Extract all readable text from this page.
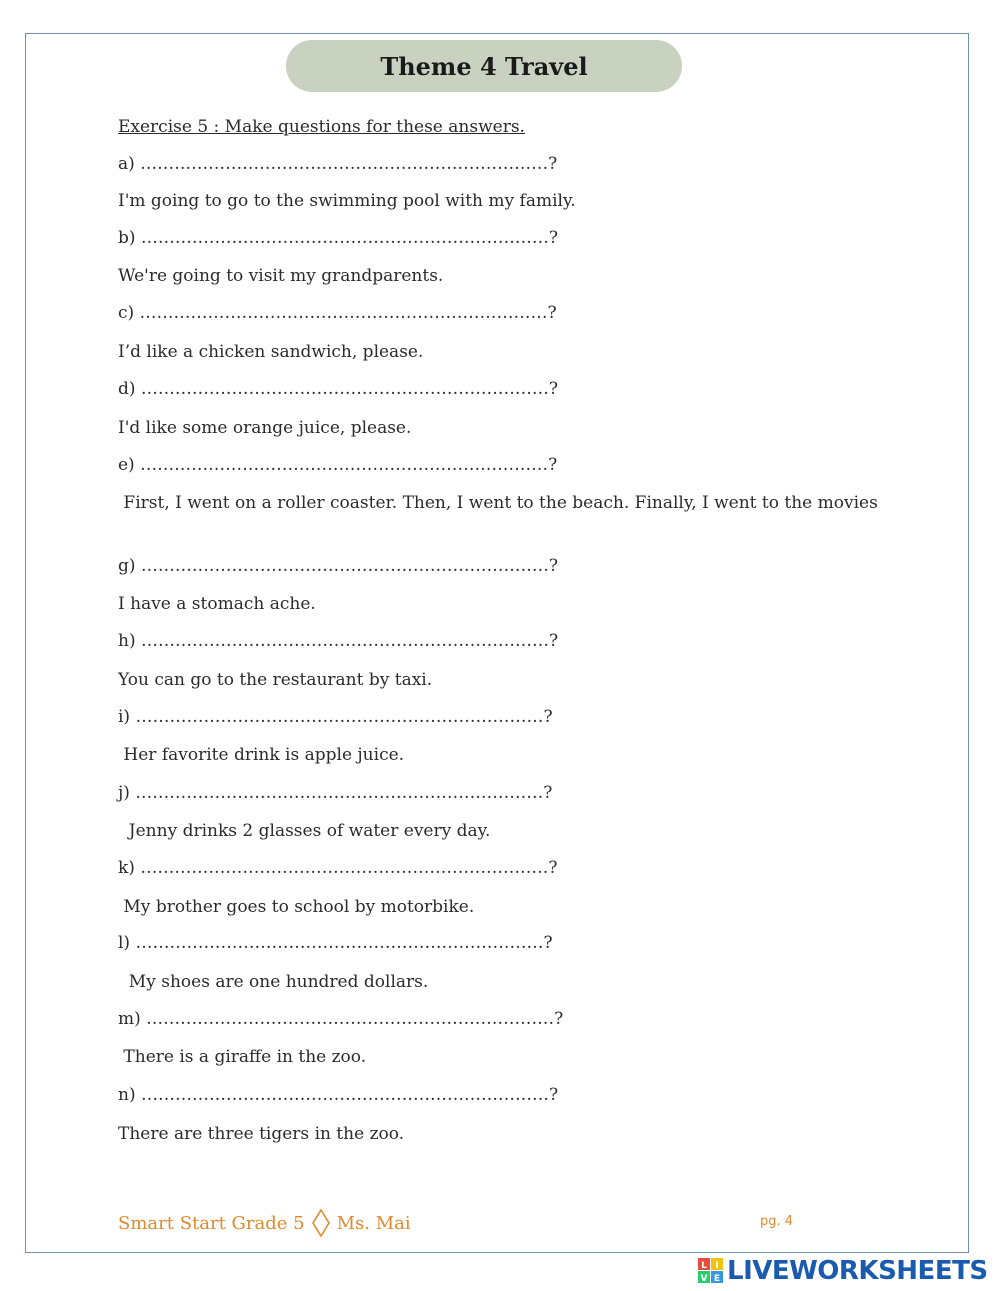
Theme 4 Travel
Exercise 5 : Make questions for these answers.
a) ………………………………………………………………?
I'm going to go to the swimming pool with my family.
b) ………………………………………………………………?
We're going to visit my grandparents.
c) ………………………………………………………………?
I’d like a chicken sandwich, please.
d) ………………………………………………………………?
I'd like some orange juice, please.
e) ………………………………………………………………?
First, I went on a roller coaster. Then, I went to the beach. Finally, I went to the movies
g) ………………………………………………………………?
I have a stomach ache.
h) ………………………………………………………………?
You can go to the restaurant by taxi.
i) ………………………………………………………………?
Her favorite drink is apple juice.
j) ………………………………………………………………?
Jenny drinks 2 glasses of water every day.
k) ………………………………………………………………?
My brother goes to school by motorbike.
l) ………………………………………………………………?
My shoes are one hundred dollars.
m) ………………………………………………………………?
There is a giraffe in the zoo.
n) ………………………………………………………………?
There are three tigers in the zoo.
Smart Start Grade 5 Ms. Mai	pg. 4
L I
V E LIVEWORKSHEETS
